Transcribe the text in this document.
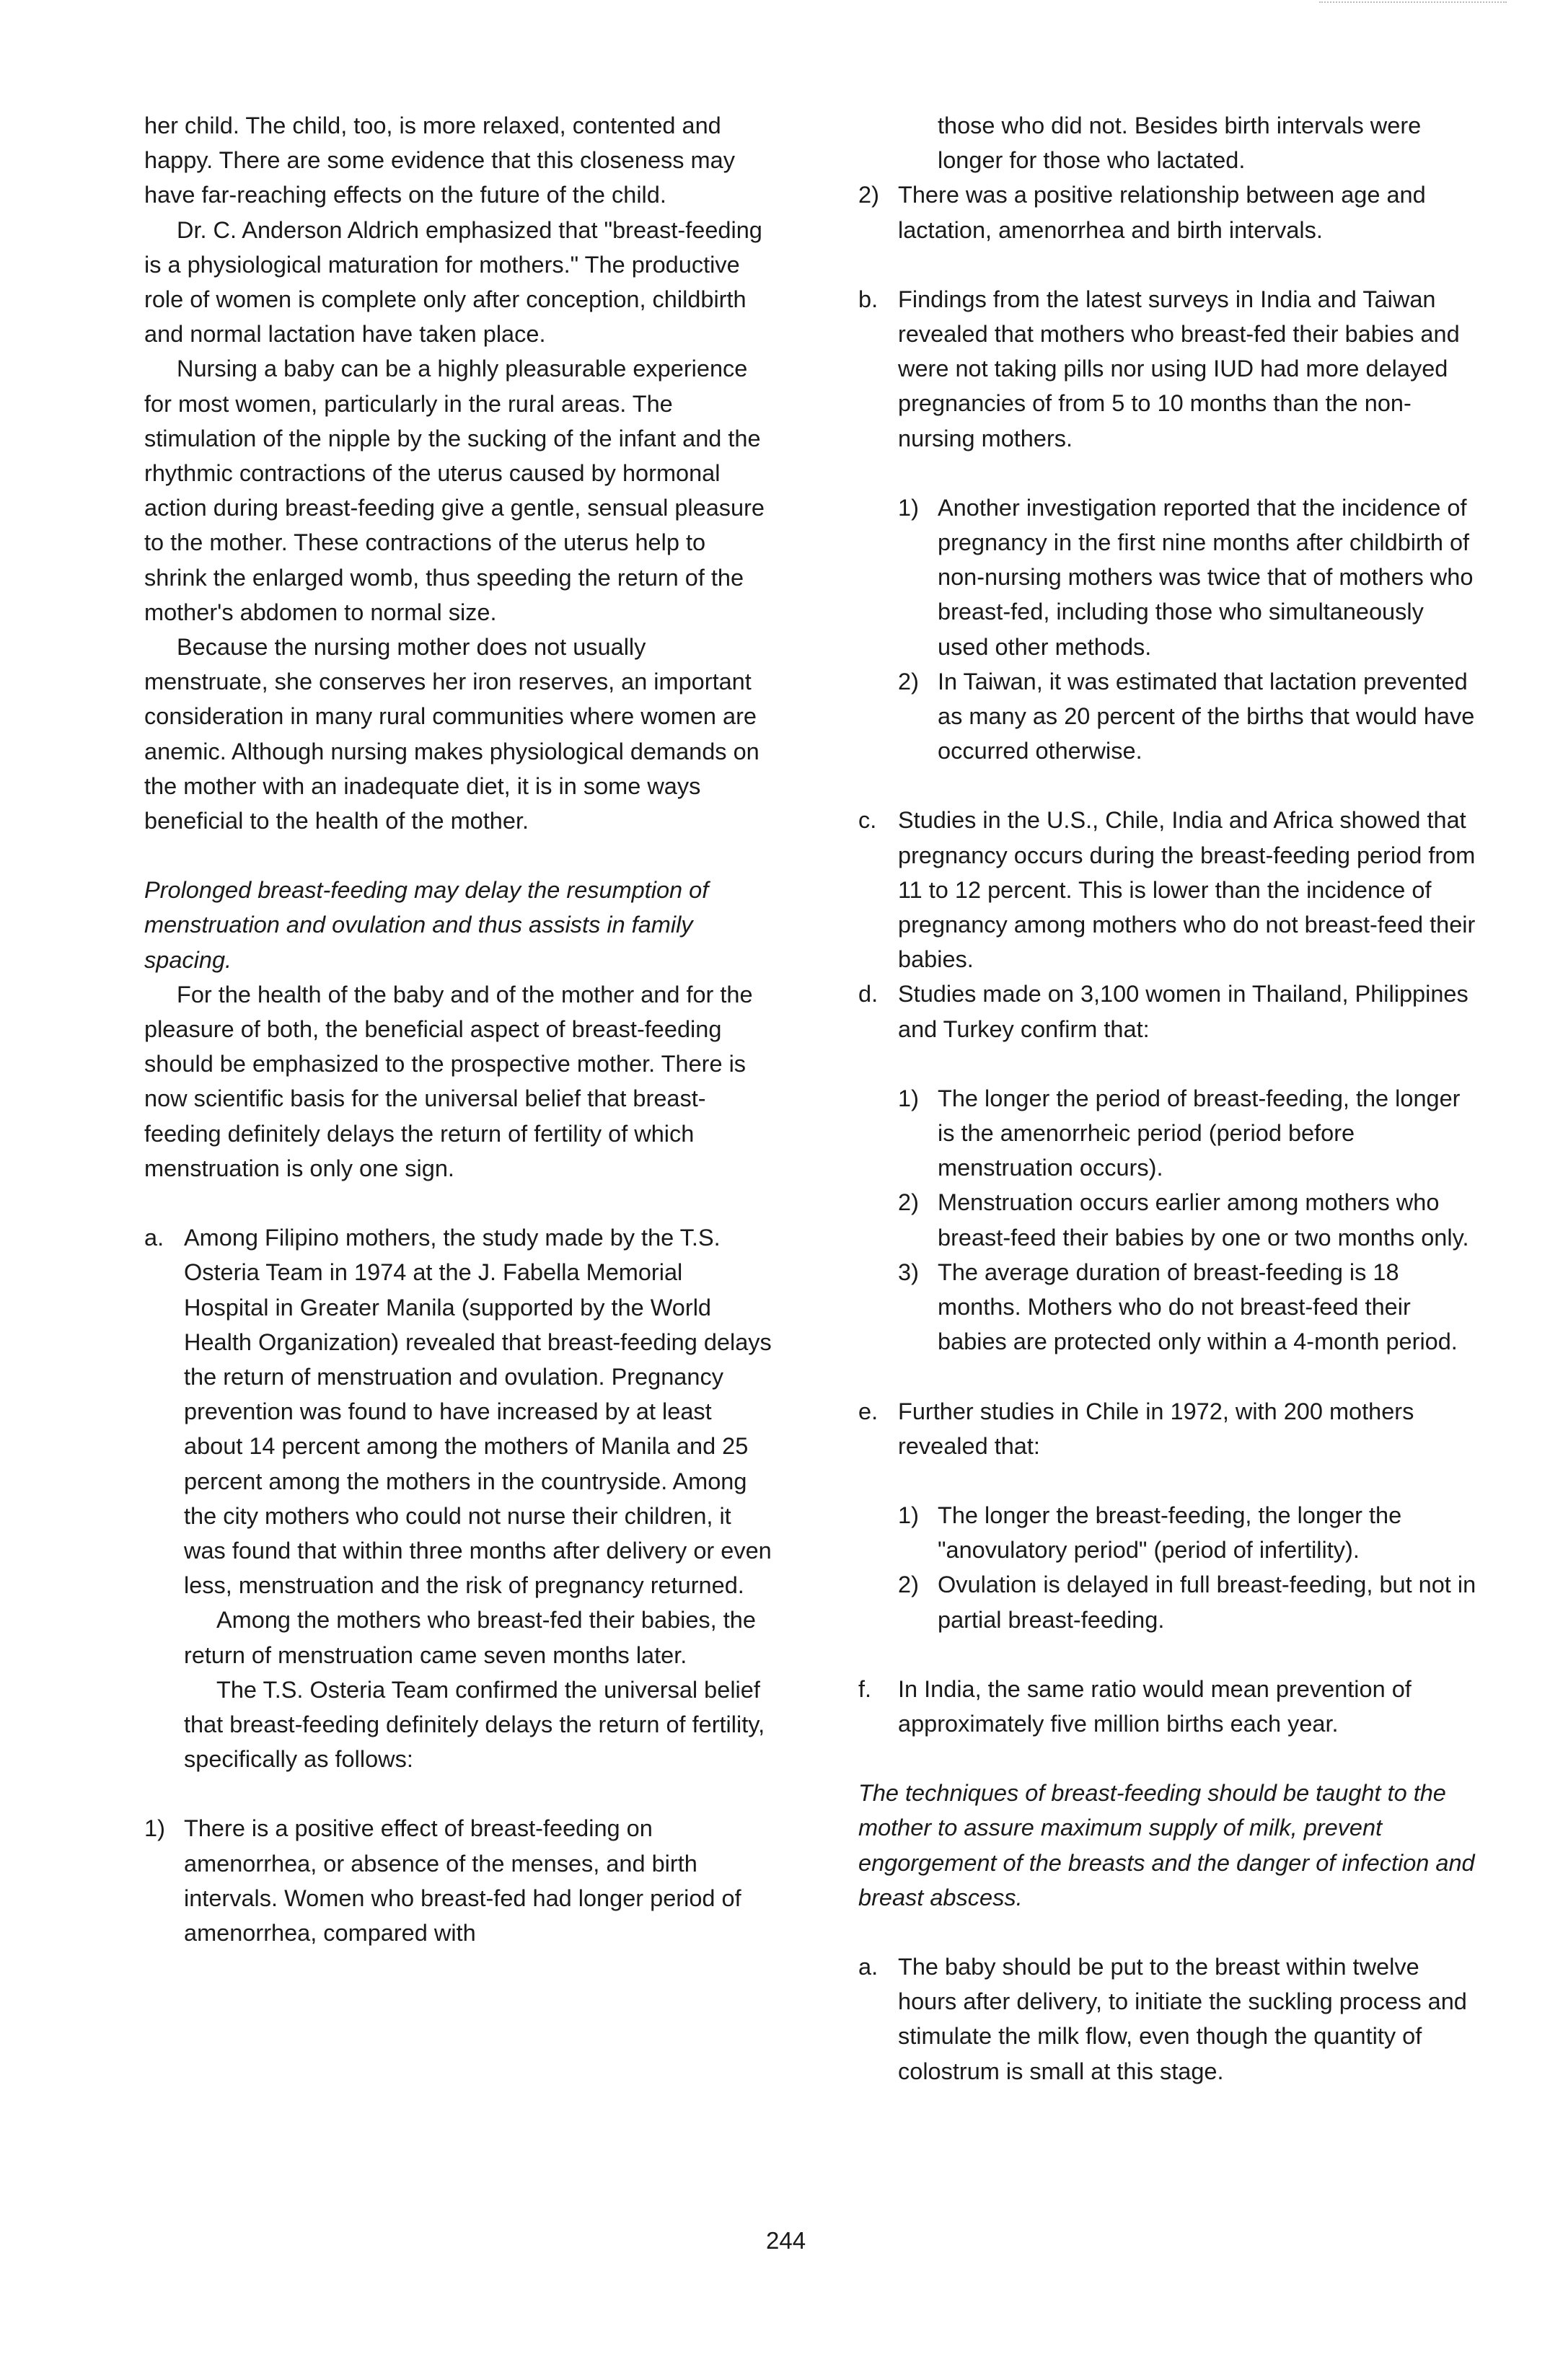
her child. The child, too, is more relaxed, contented and happy. There are some evidence that this closeness may have far-reaching effects on the future of the child.

Dr. C. Anderson Aldrich emphasized that "breast-feeding is a physiological maturation for mothers." The productive role of women is complete only after conception, childbirth and normal lactation have taken place.

Nursing a baby can be a highly pleasurable experience for most women, particularly in the rural areas. The stimulation of the nipple by the sucking of the infant and the rhythmic contractions of the uterus caused by hormonal action during breast-feeding give a gentle, sensual pleasure to the mother. These contractions of the uterus help to shrink the enlarged womb, thus speeding the return of the mother's abdomen to normal size.

Because the nursing mother does not usually menstruate, she conserves her iron reserves, an important consideration in many rural communities where women are anemic. Although nursing makes physiological demands on the mother with an inadequate diet, it is in some ways beneficial to the health of the mother.

Prolonged breast-feeding may delay the resumption of menstruation and ovulation and thus assists in family spacing.

For the health of the baby and of the mother and for the pleasure of both, the beneficial aspect of breast-feeding should be emphasized to the prospective mother. There is now scientific basis for the universal belief that breast-feeding definitely delays the return of fertility of which menstruation is only one sign.

a. Among Filipino mothers, the study made by the T.S. Osteria Team in 1974 at the J. Fabella Memorial Hospital in Greater Manila (supported by the World Health Organization) revealed that breast-feeding delays the return of menstruation and ovulation. Pregnancy prevention was found to have increased by at least about 14 percent among the mothers of Manila and 25 percent among the mothers in the countryside. Among the city mothers who could not nurse their children, it was found that within three months after delivery or even less, menstruation and the risk of pregnancy returned.

Among the mothers who breast-fed their babies, the return of menstruation came seven months later.

The T.S. Osteria Team confirmed the universal belief that breast-feeding definitely delays the return of fertility, specifically as follows:

1) There is a positive effect of breast-feeding on amenorrhea, or absence of the menses, and birth intervals. Women who breast-fed had longer period of amenorrhea, compared with

those who did not. Besides birth intervals were longer for those who lactated.

2) There was a positive relationship between age and lactation, amenorrhea and birth intervals.

b. Findings from the latest surveys in India and Taiwan revealed that mothers who breast-fed their babies and were not taking pills nor using IUD had more delayed pregnancies of from 5 to 10 months than the non-nursing mothers.

1) Another investigation reported that the incidence of pregnancy in the first nine months after childbirth of non-nursing mothers was twice that of mothers who breast-fed, including those who simultaneously used other methods.

2) In Taiwan, it was estimated that lactation prevented as many as 20 percent of the births that would have occurred otherwise.

c. Studies in the U.S., Chile, India and Africa showed that pregnancy occurs during the breast-feeding period from 11 to 12 percent. This is lower than the incidence of pregnancy among mothers who do not breast-feed their babies.

d. Studies made on 3,100 women in Thailand, Philippines and Turkey confirm that:

1) The longer the period of breast-feeding, the longer is the amenorrheic period (period before menstruation occurs).

2) Menstruation occurs earlier among mothers who breast-feed their babies by one or two months only.

3) The average duration of breast-feeding is 18 months. Mothers who do not breast-feed their babies are protected only within a 4-month period.

e. Further studies in Chile in 1972, with 200 mothers revealed that:

1) The longer the breast-feeding, the longer the "anovulatory period" (period of infertility).

2) Ovulation is delayed in full breast-feeding, but not in partial breast-feeding.

f.	In India, the same ratio would mean prevention of approximately five million births each year.

The techniques of breast-feeding should be taught to the mother to assure maximum supply of milk, prevent engorgement of the breasts and the danger of infection and breast abscess.

a. The baby should be put to the breast within twelve hours after delivery, to initiate the suckling process and stimulate the milk flow, even though the quantity of colostrum is small at this stage.

244
